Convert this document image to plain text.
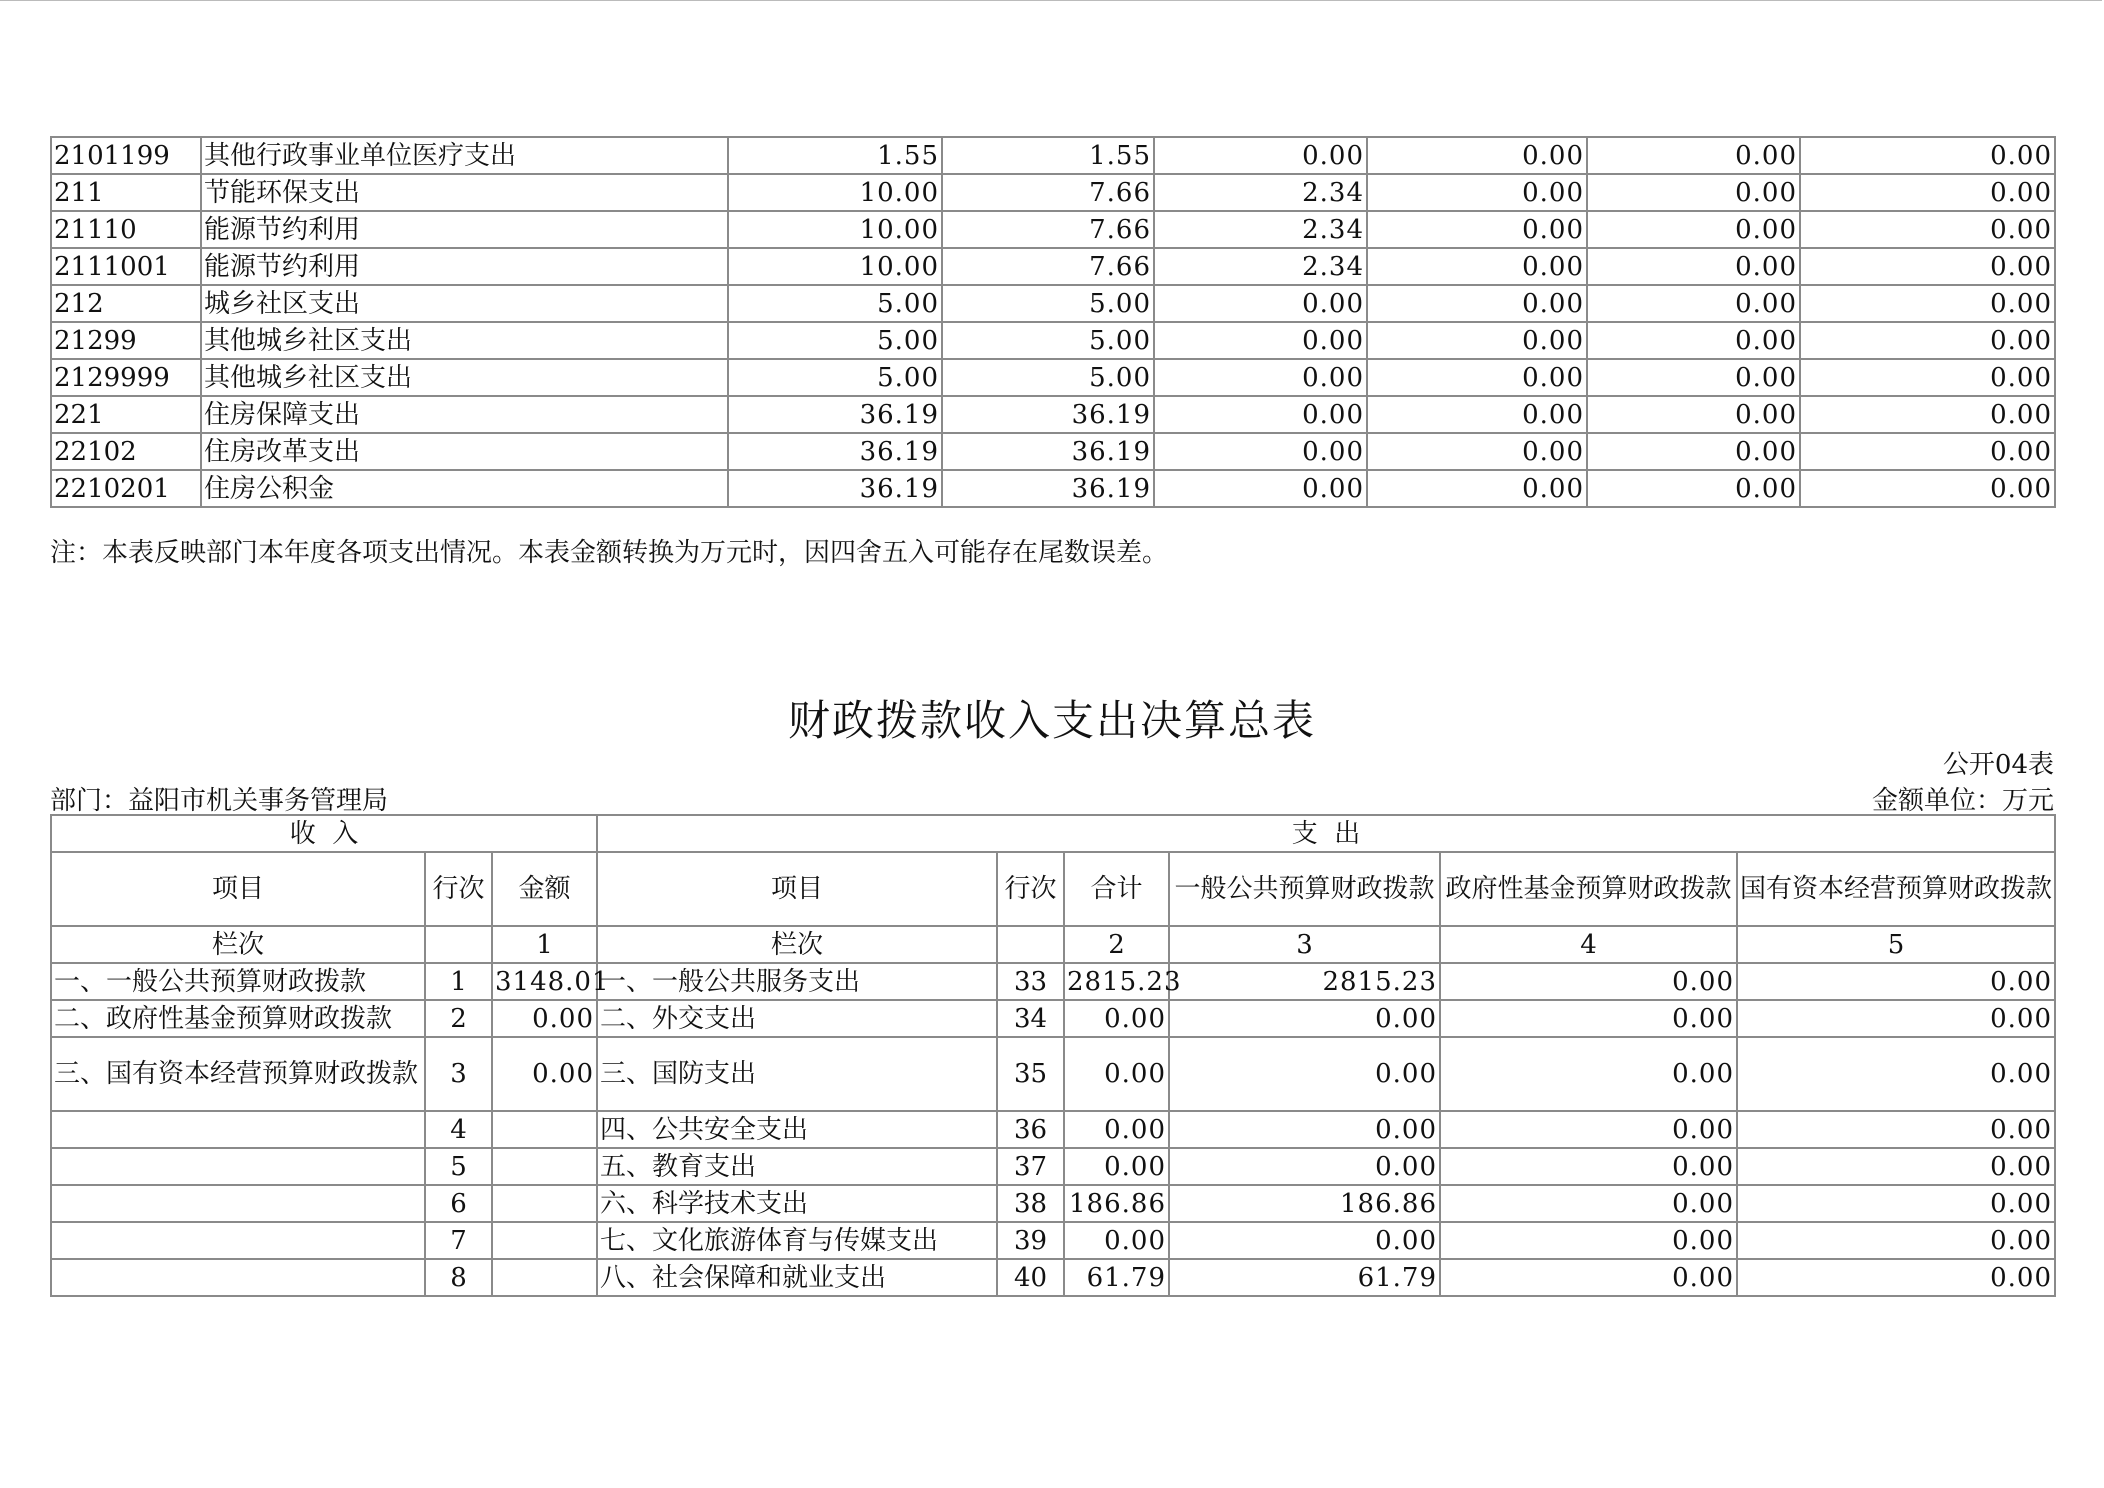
2101199	其他行政事业单位医疗支出	1.55	1.55	0.00	0.00	0.00	0.00
211	节能环保支出	10.00	7.66	2.34	0.00	0.00	0.00
21110	能源节约利用	10.00	7.66	2.34	0.00	0.00	0.00
2111001	能源节约利用	10.00	7.66	2.34	0.00	0.00	0.00
212	城乡社区支出	5.00	5.00	0.00	0.00	0.00	0.00
21299	其他城乡社区支出	5.00	5.00	0.00	0.00	0.00	0.00
2129999	其他城乡社区支出	5.00	5.00	0.00	0.00	0.00	0.00
221	住房保障支出	36.19	36.19	0.00	0.00	0.00	0.00
22102	住房改革支出	36.19	36.19	0.00	0.00	0.00	0.00
2210201	住房公积金	36.19	36.19	0.00	0.00	0.00	0.00
注：本表反映部门本年度各项支出情况。本表金额转换为万元时，因四舍五入可能存在尾数误差。
财政拨款收入支出决算总表
公开04表
部门：益阳市机关事务管理局	金额单位：万元
收  入			支  出					
项目	行次	金额	项目	行次	合计	一般公共预算财政拨款	政府性基金预算财政拨款	国有资本经营预算财政拨款
栏次		1	栏次		2	3	4	5
一、一般公共预算财政拨款	1	3148.01	一、一般公共服务支出	33	2815.23	2815.23	0.00	0.00
二、政府性基金预算财政拨款	2	0.00	二、外交支出	34	0.00	0.00	0.00	0.00
三、国有资本经营预算财政拨款	3	0.00	三、国防支出	35	0.00	0.00	0.00	0.00
	4		四、公共安全支出	36	0.00	0.00	0.00	0.00
	5		五、教育支出	37	0.00	0.00	0.00	0.00
	6		六、科学技术支出	38	186.86	186.86	0.00	0.00
	7		七、文化旅游体育与传媒支出	39	0.00	0.00	0.00	0.00
	8		八、社会保障和就业支出	40	61.79	61.79	0.00	0.00
